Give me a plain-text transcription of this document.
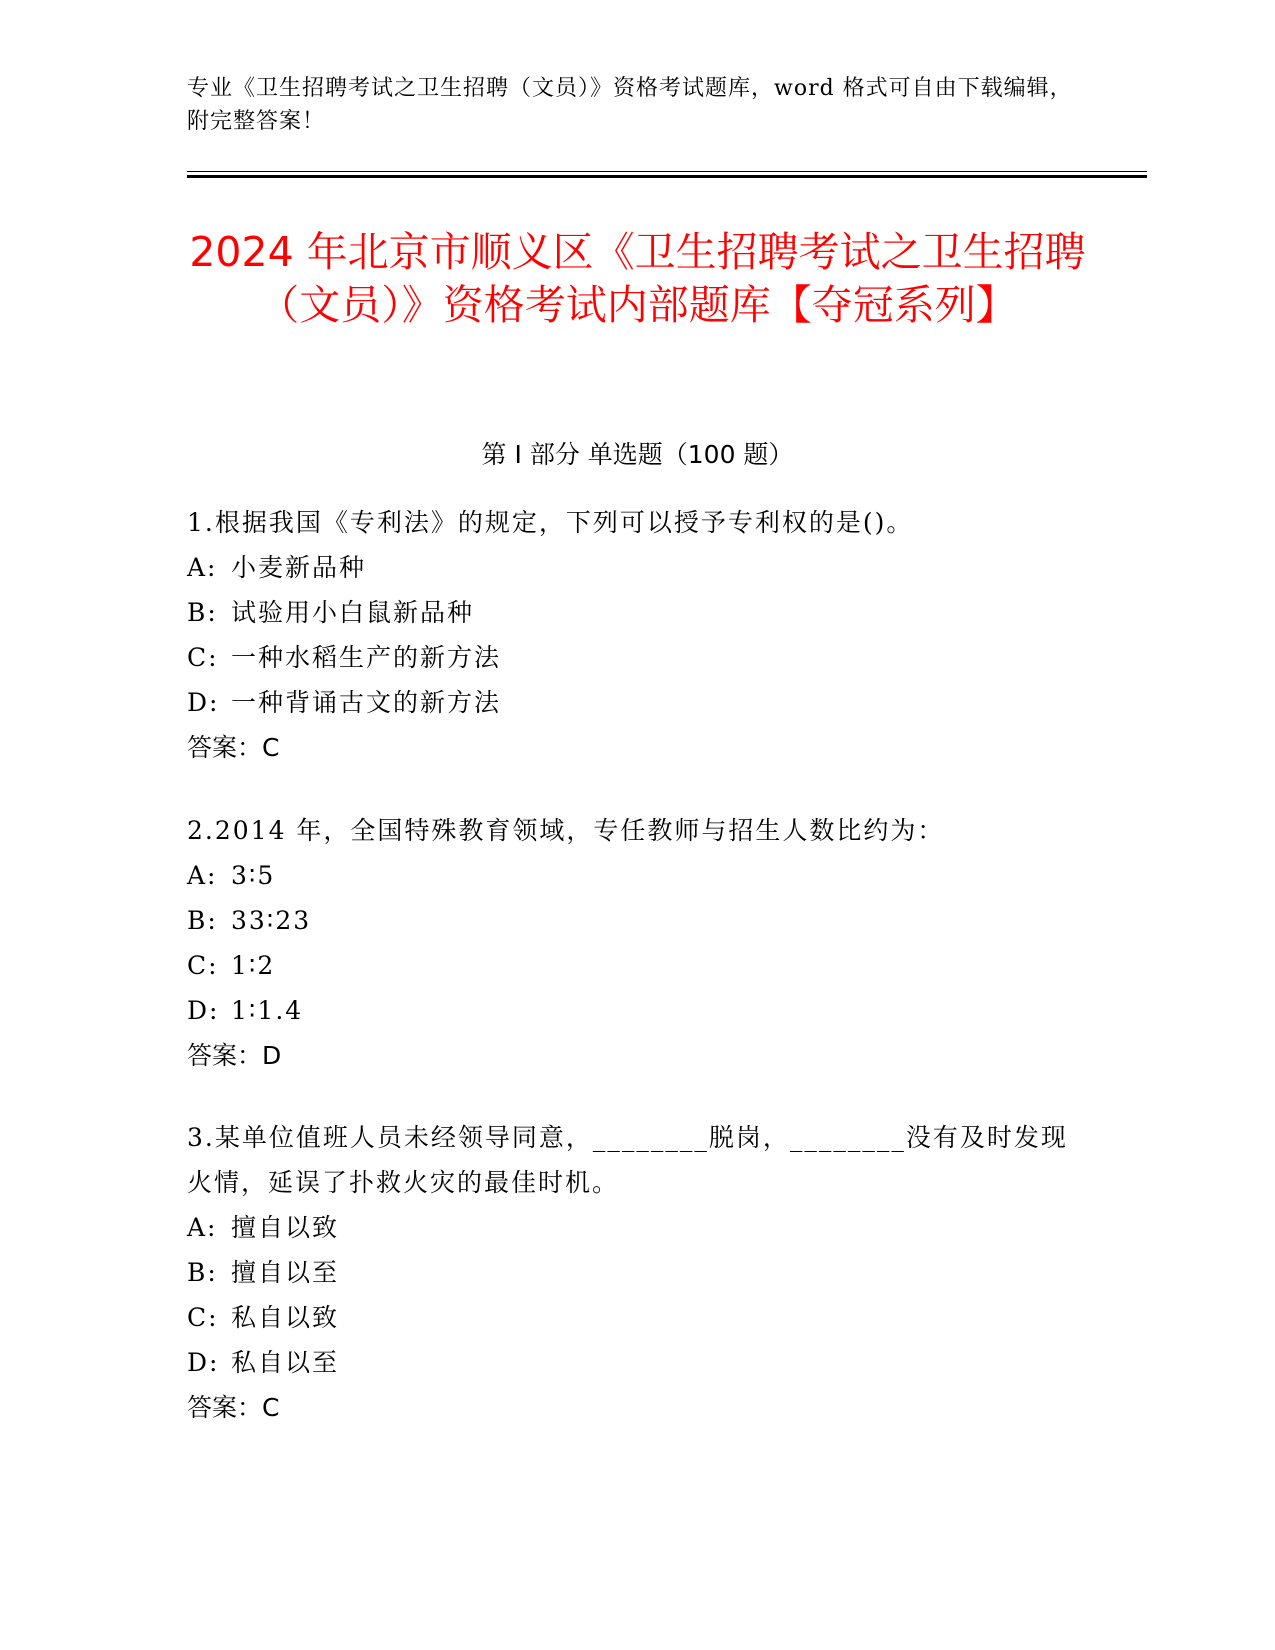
专业《卫生招聘考试之卫生招聘（文员）》资格考试题库，word 格式可自由下载编辑，附完整答案！
2024 年北京市顺义区《卫生招聘考试之卫生招聘（文员）》资格考试内部题库【夺冠系列】
第 I 部分 单选题（100 题）
1.根据我国《专利法》的规定，下列可以授予专利权的是()。
A: 小麦新品种
B: 试验用小白鼠新品种
C: 一种水稻生产的新方法
D: 一种背诵古文的新方法
答案：C
2.2014 年，全国特殊教育领域，专任教师与招生人数比约为：
A: 3∶5
B: 33∶23
C: 1∶2
D: 1∶1.4
答案：D
3.某单位值班人员未经领导同意，________脱岗，________没有及时发现火情，延误了扑救火灾的最佳时机。
A: 擅自以致
B: 擅自以至
C: 私自以致
D: 私自以至
答案：C
